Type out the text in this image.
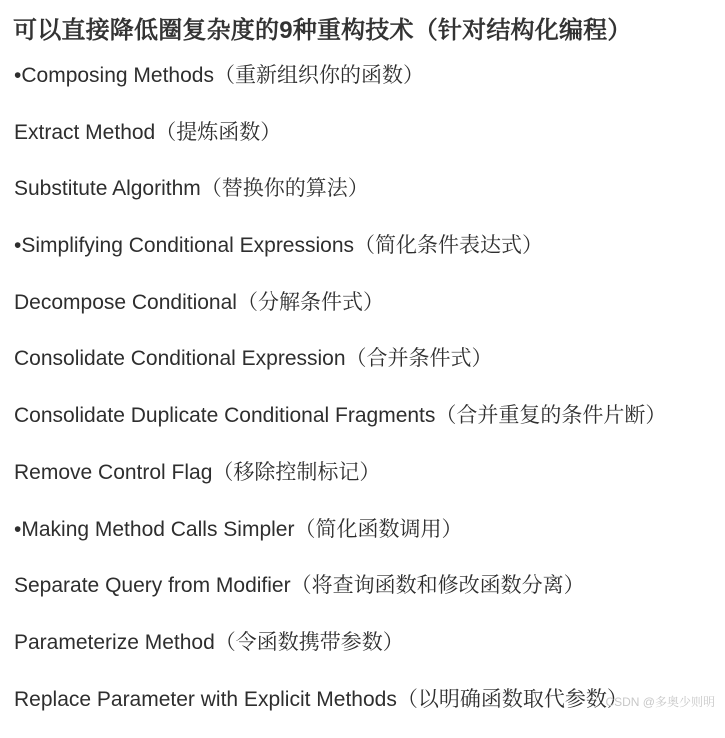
可以直接降低圈复杂度的9种重构技术（针对结构化编程）
•Composing Methods（重新组织你的函数）
Extract Method（提炼函数）
Substitute Algorithm（替换你的算法）
•Simplifying Conditional Expressions（简化条件表达式）
Decompose Conditional（分解条件式）
Consolidate Conditional Expression（合并条件式）
Consolidate Duplicate Conditional Fragments（合并重复的条件片断）
Remove Control Flag（移除控制标记）
•Making Method Calls Simpler（简化函数调用）
Separate Query from Modifier（将查询函数和修改函数分离）
Parameterize Method（令函数携带参数）
Replace Parameter with Explicit Methods（以明确函数取代参数）
CSDN @多奥少则明
